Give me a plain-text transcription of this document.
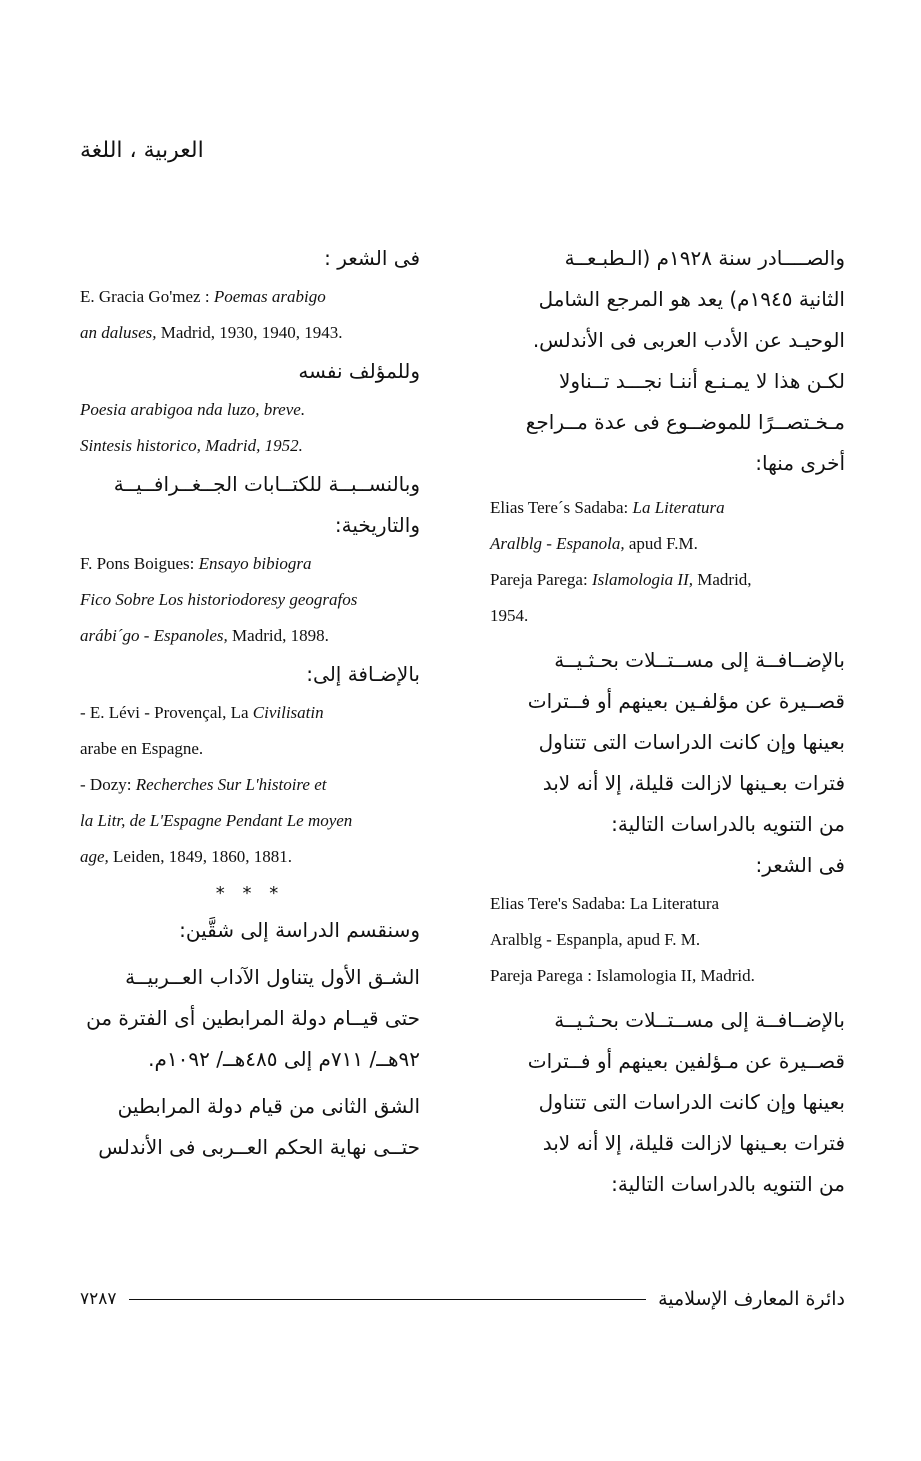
العربية ، اللغة

فى الشعر :

E. Gracia Go'mez : Poemas arabigo
an daluses, Madrid, 1930, 1940, 1943.

وللمؤلف نفسه

Poesia arabigoa nda luzo, breve.
Sintesis historico, Madrid, 1952.

وبالنســبــة للكتــابات الجــغــرافــيــة
والتاريخية:

F. Pons Boigues: Ensayo bibiogra
Fico Sobre Los historiodoresy geografos
arábi´go - Espanoles, Madrid, 1898.

بالإضـافة إلى:

- E. Lévi - Provençal, La Civilisatin
arabe en Espagne.

- Dozy: Recherches Sur L'histoire et
la Litr, de L'Espagne Pendant Le moyen
age, Leiden, 1849, 1860, 1881.

* * *

وسنقسم الدراسة إلى شقَّين:

الشـق الأول يتناول الآداب العــربيــة
حتى قيــام دولة المرابطين أى الفترة من
٩٢هــ/ ٧١١م إلى ٤٨٥هــ/ ١٠٩٢م.

الشق الثانى من قيام دولة المرابطين
حتــى نهاية الحكم العــربى فى الأندلس

والصــــادر سنة ١٩٢٨م (الـطبـعــة
الثانية ١٩٤٥م) يعد هو المرجع الشامل
الوحيـد عن الأدب العربى فى الأندلس.
لكـن هذا لا يمـنـع أننـا نجـــد تــناولا
مـخـتصــرًا للموضــوع فى عدة مــراجع
أخرى منها:

Elias Tere´s Sadaba: La Literatura
Aralblg - Espanola, apud F.M.

Pareja Parega: Islamologia II, Madrid,
1954.

بالإضــافــة إلى مســتــلات بحـثـيــة
قصــيرة عن مؤلفـين بعينهم أو فــترات
بعينها وإن كانت الدراسات التى تتناول
فترات بعـينها لازالت قليلة، إلا أنه لابد
من التنويه بالدراسات التالية:

فى الشعر:

Elias Tere's Sadaba: La Literatura
Aralblg - Espanpla, apud F. M.

Pareja Parega : Islamologia II, Madrid.

بالإضــافــة إلى مســتــلات بحـثـيــة
قصــيرة عن مـؤلفين بعينهم أو فــترات
بعينها وإن كانت الدراسات التى تتناول
فترات بعـينها لازالت قليلة، إلا أنه لابد
من التنويه بالدراسات التالية:

٧٢٨٧	دائرة المعارف الإسلامية
